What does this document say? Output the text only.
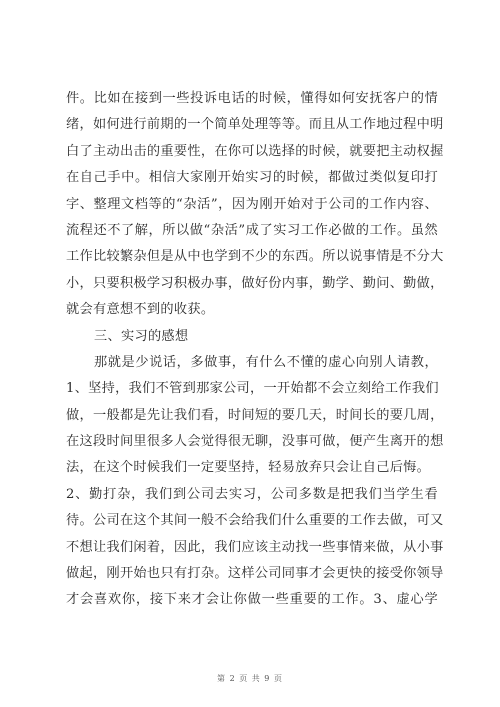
件。比如在接到一些投诉电话的时候，懂得如何安抚客户的情
绪，如何进行前期的一个简单处理等等。而且从工作地过程中明
白了主动出击的重要性，在你可以选择的时候，就要把主动权握
在自己手中。相信大家刚开始实习的时候，都做过类似复印打
字、整理文档等的“杂活”，因为刚开始对于公司的工作内容、
流程还不了解，所以做“杂活”成了实习工作必做的工作。虽然
工作比较繁杂但是从中也学到不少的东西。所以说事情是不分大
小，只要积极学习积极办事，做好份内事，勤学、勤问、勤做，
就会有意想不到的收获。
三、实习的感想
那就是少说话，多做事，有什么不懂的虚心向别人请教，
1、坚持，我们不管到那家公司，一开始都不会立刻给工作我们
做，一般都是先让我们看，时间短的要几天，时间长的要几周，
在这段时间里很多人会觉得很无聊，没事可做，便产生离开的想
法，在这个时候我们一定要坚持，轻易放弃只会让自己后悔。
2、勤打杂，我们到公司去实习，公司多数是把我们当学生看
待。公司在这个其间一般不会给我们什么重要的工作去做，可又
不想让我们闲着，因此，我们应该主动找一些事情来做，从小事
做起，刚开始也只有打杂。这样公司同事才会更快的接受你领导
才会喜欢你，接下来才会让你做一些重要的工作。3、虚心学
第 2 页 共 9 页
